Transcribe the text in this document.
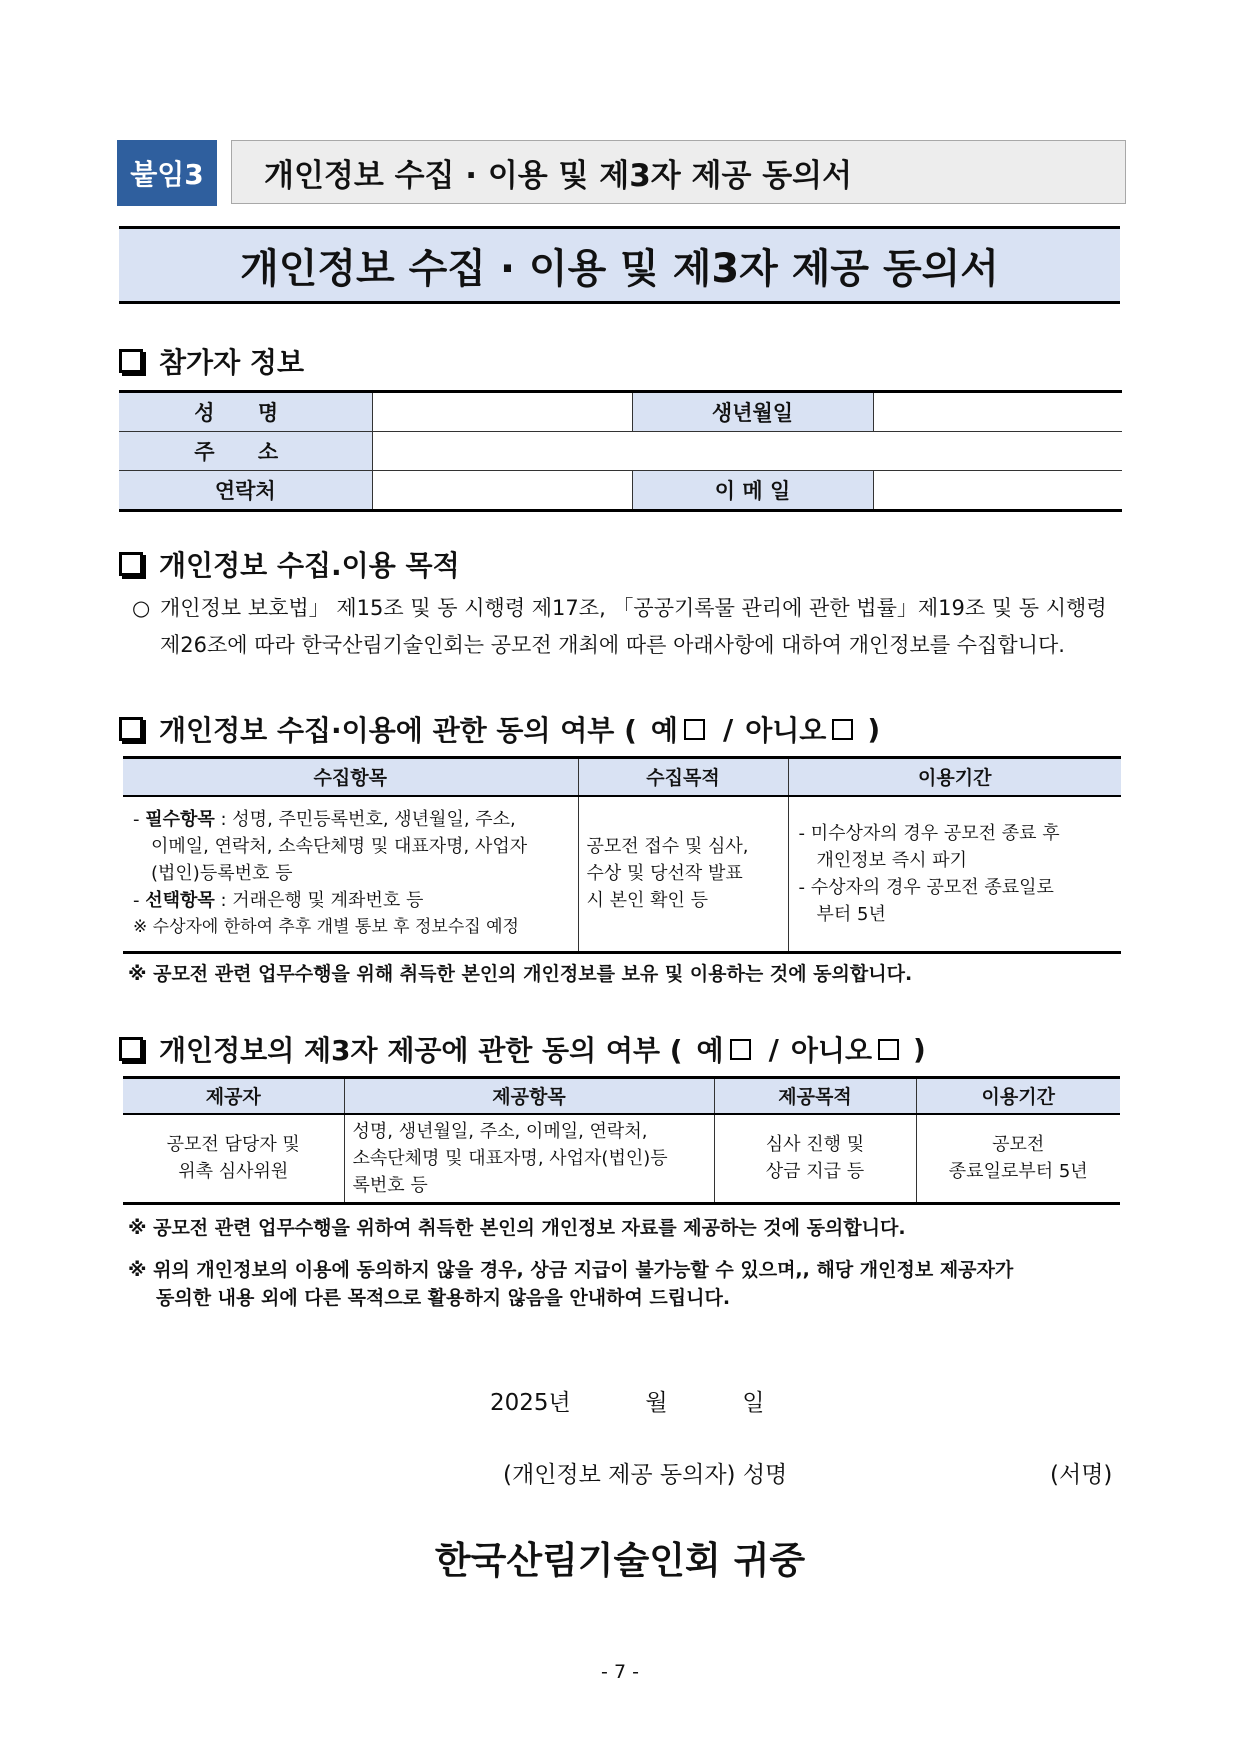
붙임3	개인정보 수집 · 이용 및 제3자 제공 동의서
개인정보 수집 · 이용 및 제3자 제공 동의서
참가자 정보
성 명		생년월일	
주 소			
연락처		이 메 일	
개인정보 수집.이용 목적
○ 개인정보 보호법」 제15조 및 동 시행령 제17조, 「공공기록물 관리에 관한 법률」제19조 및 동 시행령
제26조에 따라 한국산림기술인회는 공모전 개최에 따른 아래사항에 대하여 개인정보를 수집합니다.
개인정보 수집·이용에 관한 동의 여부 ( 예 / 아니오 )
수집항목	수집목적	이용기간

- 필수항목 : 성명, 주민등록번호, 생년월일, 주소,
이메일, 연락처, 소속단체명 및 대표자명, 사업자
(법인)등록번호 등
- 선택항목 : 거래은행 및 계좌번호 등
※ 수상자에 한하여 추후 개별 통보 후 정보수집 예정	공모전 접수 및 심사,
수상 및 당선작 발표
시 본인 확인 등	- 미수상자의 경우 공모전 종료 후
개인정보 즉시 파기
- 수상자의 경우 공모전 종료일로
부터 5년
※ 공모전 관련 업무수행을 위해 취득한 본인의 개인정보를 보유 및 이용하는 것에 동의합니다.
개인정보의 제3자 제공에 관한 동의 여부 ( 예 / 아니오 )
제공자	제공항목	제공목적	이용기간

공모전 담당자 및
위촉 심사위원	성명, 생년월일, 주소, 이메일, 연락처,
소속단체명 및 대표자명, 사업자(법인)등
록번호 등	심사 진행 및
상금 지급 등	공모전
종료일로부터 5년
※ 공모전 관련 업무수행을 위하여 취득한 본인의 개인정보 자료를 제공하는 것에 동의합니다.
※ 위의 개인정보의 이용에 동의하지 않을 경우, 상금 지급이 불가능할 수 있으며,, 해당 개인정보 제공자가
동의한 내용 외에 다른 목적으로 활용하지 않음을 안내하여 드립니다.
2025년	월	일
(개인정보 제공 동의자) 성명	(서명)
한국산림기술인회 귀중
- 7 -
